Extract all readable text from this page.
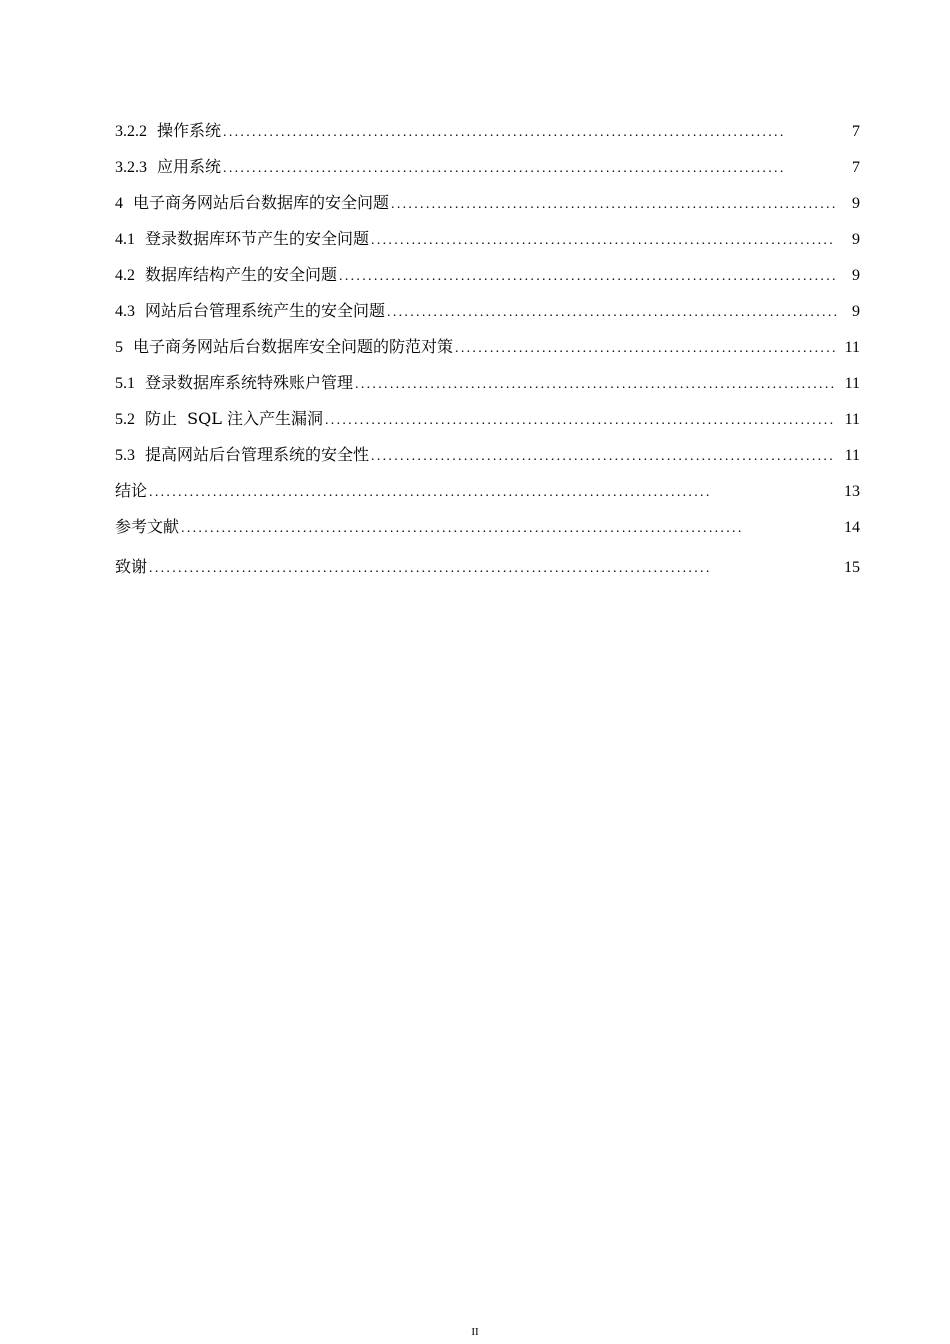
3.2.2 操作系统 . . .	7
3.2.3 应用系统 . . .	7
4 电子商务网站后台数据库的安全问题 . . .	9
4.1 登录数据库环节产生的安全问题 . . .	9
4.2 数据库结构产生的安全问题 . . .	9
4.3 网站后台管理系统产生的安全问题 . . .	9
5 电子商务网站后台数据库安全问题的防范对策 . . .	11
5.1 登录数据库系统特殊账户管理 . . .	11
5.2 防止  SQL 注入产生漏洞 . . .	11
5.3 提高网站后台管理系统的安全性 . . .	11
结论 . . .	13
参考文献 . . .	14
致谢 . . .	15
II
